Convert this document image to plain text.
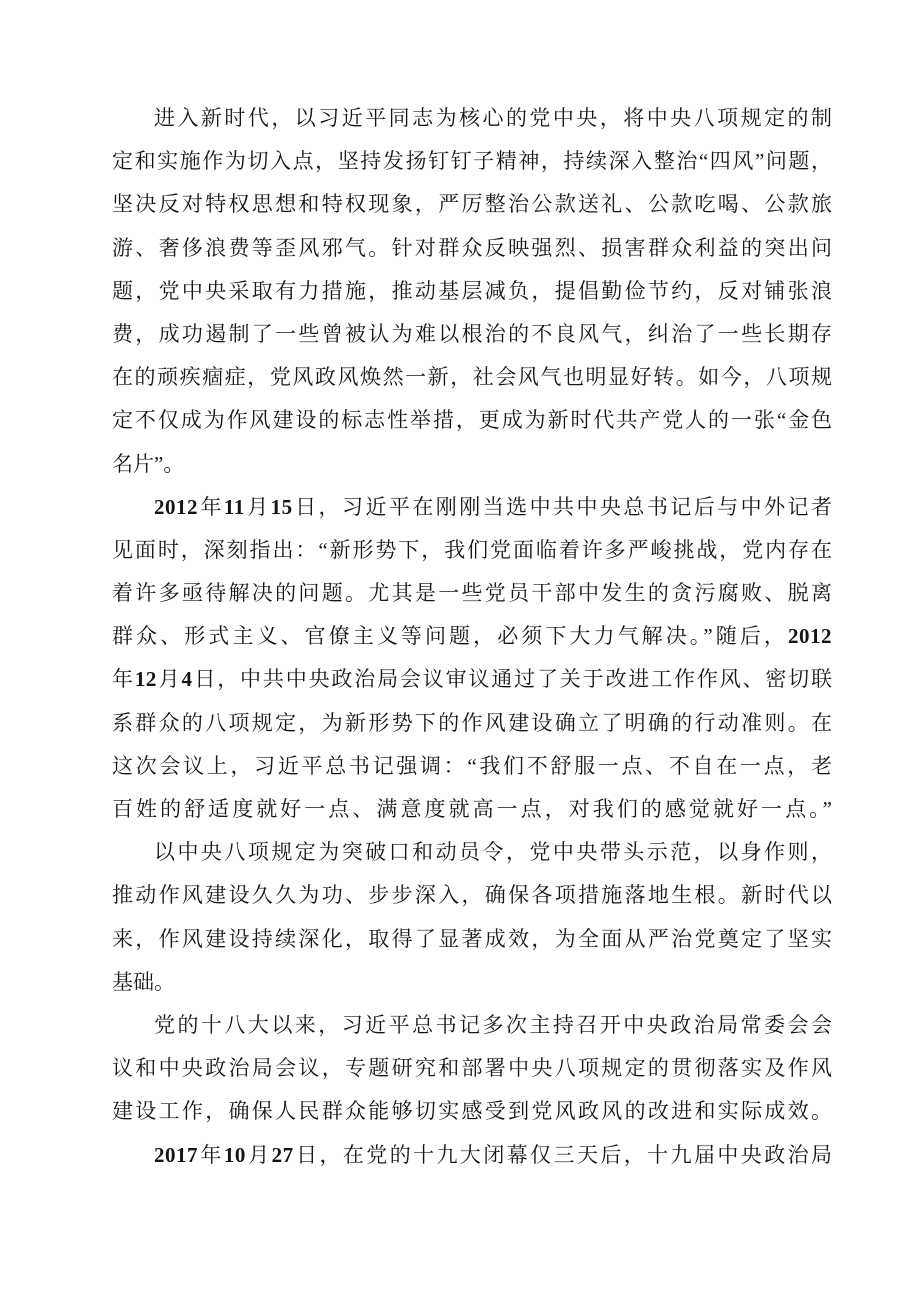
进入新时代，以习近平同志为核心的党中央，将中央八项规定的制
定和实施作为切入点，坚持发扬钉钉子精神，持续深入整治“四风”问题，
坚决反对特权思想和特权现象，严厉整治公款送礼、公款吃喝、公款旅
游、奢侈浪费等歪风邪气。针对群众反映强烈、损害群众利益的突出问
题，党中央采取有力措施，推动基层减负，提倡勤俭节约，反对铺张浪
费，成功遏制了一些曾被认为难以根治的不良风气，纠治了一些长期存
在的顽疾痼症，党风政风焕然一新，社会风气也明显好转。如今，八项规
定不仅成为作风建设的标志性举措，更成为新时代共产党人的一张“金色
名片”。
2012年11月15日，习近平在刚刚当选中共中央总书记后与中外记者
见面时，深刻指出：“新形势下，我们党面临着许多严峻挑战，党内存在
着许多亟待解决的问题。尤其是一些党员干部中发生的贪污腐败、脱离
群众、形式主义、官僚主义等问题，必须下大力气解决。”随后，2012
年12月4日，中共中央政治局会议审议通过了关于改进工作作风、密切联
系群众的八项规定，为新形势下的作风建设确立了明确的行动准则。在
这次会议上，习近平总书记强调：“我们不舒服一点、不自在一点，老
百姓的舒适度就好一点、满意度就高一点，对我们的感觉就好一点。”
以中央八项规定为突破口和动员令，党中央带头示范，以身作则，
推动作风建设久久为功、步步深入，确保各项措施落地生根。新时代以
来，作风建设持续深化，取得了显著成效，为全面从严治党奠定了坚实
基础。
党的十八大以来，习近平总书记多次主持召开中央政治局常委会会
议和中央政治局会议，专题研究和部署中央八项规定的贯彻落实及作风
建设工作，确保人民群众能够切实感受到党风政风的改进和实际成效。
2017年10月27日，在党的十九大闭幕仅三天后，十九届中央政治局
